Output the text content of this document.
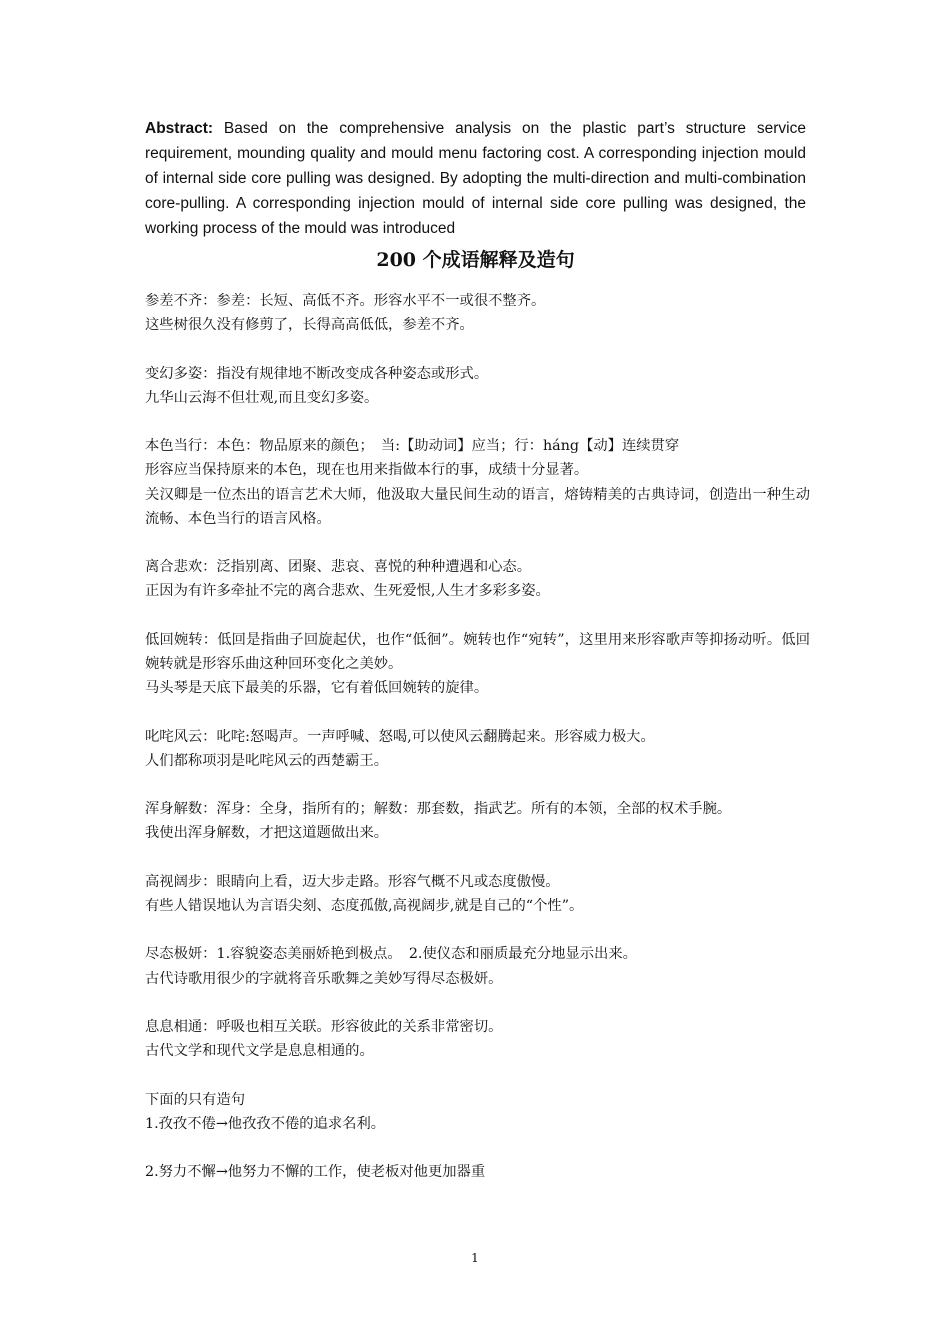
Abstract: Based on the comprehensive analysis on the plastic part’s structure service requirement, mounding quality and mould menu factoring cost. A corresponding injection mould of internal side core pulling was designed. By adopting the multi-direction and multi-combination core-pulling. A corresponding injection mould of internal side core pulling was designed, the working process of the mould was introduced

200 个成语解释及造句

参差不齐：参差：长短、高低不齐。形容水平不一或很不整齐。

这些树很久没有修剪了，长得高高低低，参差不齐。

变幻多姿：指没有规律地不断改变成各种姿态或形式。

九华山云海不但壮观,而且变幻多姿。

本色当行：本色：物品原来的颜色；　当:【助动词】应当；行：háng【动】连续贯穿

形容应当保持原来的本色，现在也用来指做本行的事，成绩十分显著。

关汉卿是一位杰出的语言艺术大师，他汲取大量民间生动的语言，熔铸精美的古典诗词，创造出一种生动流畅、本色当行的语言风格。

离合悲欢：泛指别离、团聚、悲哀、喜悦的种种遭遇和心态。

正因为有许多牵扯不完的离合悲欢、生死爱恨,人生才多彩多姿。

低回婉转：低回是指曲子回旋起伏，也作“低徊”。婉转也作“宛转”，这里用来形容歌声等抑扬动听。低回婉转就是形容乐曲这种回环变化之美妙。

马头琴是天底下最美的乐器，它有着低回婉转的旋律。

叱咤风云：叱咤:怒喝声。一声呼喊、怒喝,可以使风云翻腾起来。形容威力极大。

人们都称项羽是叱咤风云的西楚霸王。

浑身解数：浑身：全身，指所有的；解数：那套数，指武艺。所有的本领，全部的权术手腕。

我使出浑身解数，才把这道题做出来。

高视阔步：眼睛向上看，迈大步走路。形容气概不凡或态度傲慢。

有些人错误地认为言语尖刻、态度孤傲,高视阔步,就是自己的“个性”。

尽态极妍：1.容貌姿态美丽娇艳到极点。　2.使仪态和丽质最充分地显示出来。

古代诗歌用很少的字就将音乐歌舞之美妙写得尽态极妍。

息息相通：呼吸也相互关联。形容彼此的关系非常密切。

古代文学和现代文学是息息相通的。

下面的只有造句

1.孜孜不倦→他孜孜不倦的追求名利。

2.努力不懈→他努力不懈的工作，使老板对他更加器重

1
